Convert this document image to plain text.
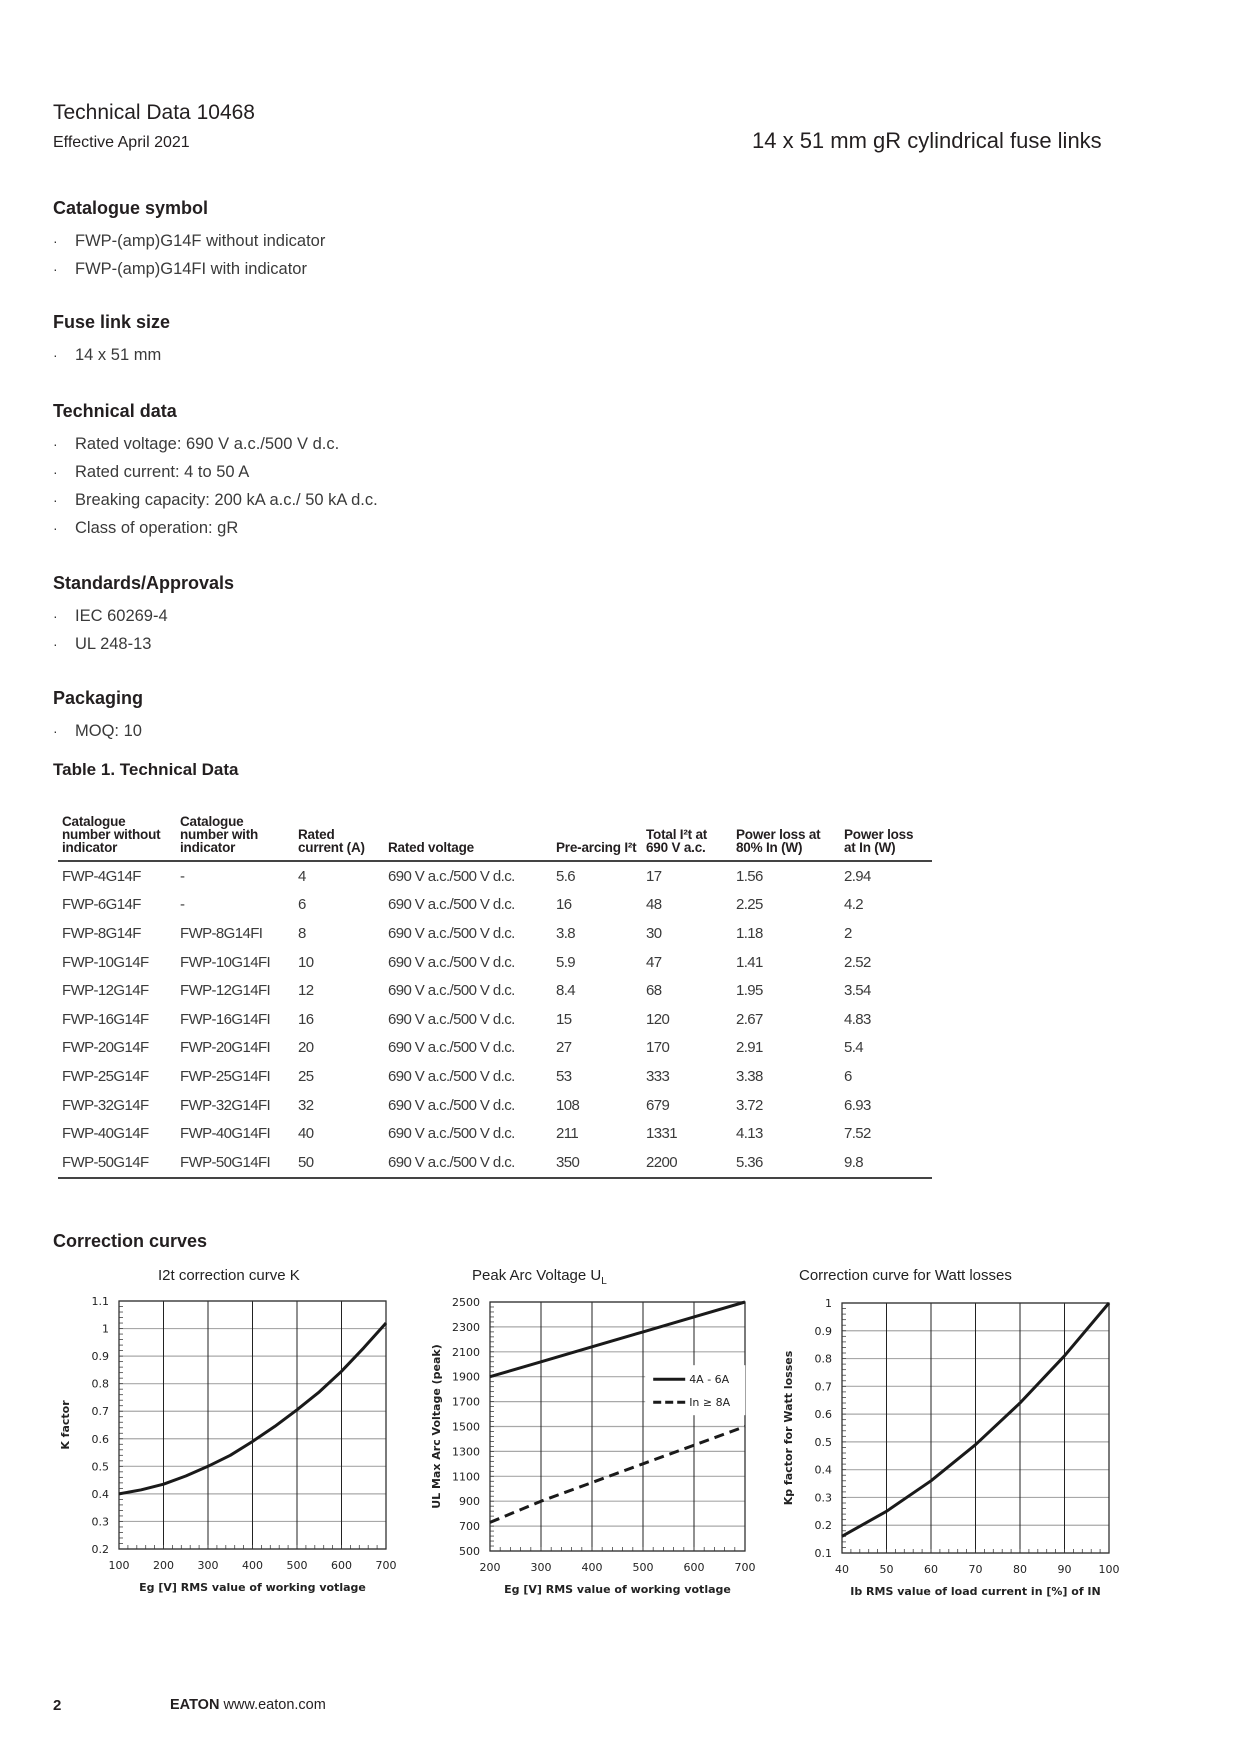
Technical Data 10468
Effective April 2021	14 x 51 mm gR cylindrical fuse links
Catalogue symbol
· FWP-(amp)G14F without indicator
· FWP-(amp)G14FI with indicator
Fuse link size
· 14 x 51 mm
Technical data
· Rated voltage: 690 V a.c./500 V d.c.
· Rated current: 4 to 50 A
· Breaking capacity: 200 kA a.c./ 50 kA d.c.
· Class of operation: gR
Standards/Approvals
· IEC 60269-4
· UL 248-13
Packaging
· MOQ: 10
Table 1. Technical Data
Catalogue number without indicator	Catalogue number with indicator	Rated current (A)	Rated voltage	Pre-arcing I²t	Total I²t at 690 V a.c.	Power loss at 80% In (W)	Power loss at In (W)
FWP-4G14F	-	4	690 V a.c./500 V d.c.	5.6	17	1.56	2.94
FWP-6G14F	-	6	690 V a.c./500 V d.c.	16	48	2.25	4.2
FWP-8G14F	FWP-8G14FI	8	690 V a.c./500 V d.c.	3.8	30	1.18	2
FWP-10G14F	FWP-10G14FI	10	690 V a.c./500 V d.c.	5.9	47	1.41	2.52
FWP-12G14F	FWP-12G14FI	12	690 V a.c./500 V d.c.	8.4	68	1.95	3.54
FWP-16G14F	FWP-16G14FI	16	690 V a.c./500 V d.c.	15	120	2.67	4.83
FWP-20G14F	FWP-20G14FI	20	690 V a.c./500 V d.c.	27	170	2.91	5.4
FWP-25G14F	FWP-25G14FI	25	690 V a.c./500 V d.c.	53	333	3.38	6
FWP-32G14F	FWP-32G14FI	32	690 V a.c./500 V d.c.	108	679	3.72	6.93
FWP-40G14F	FWP-40G14FI	40	690 V a.c./500 V d.c.	211	1331	4.13	7.52
FWP-50G14F	FWP-50G14FI	50	690 V a.c./500 V d.c.	350	2200	5.36	9.8
Correction curves
I2t correction curve K	Peak Arc Voltage $U_L$	Correction curve for Watt losses
0.2
0.3
0.4
0.5
0.6
0.7
0.8
0.9
1
1.1
100 200 300 400 500 600 700
Eg [V] RMS value of working votlage
K factor
500
700
900
1100
1300
1500
1700
1900
2100
2300
2500
200	300	400	500	600	700
Eg [V] RMS value of working votlage
UL Max Arc Voltage (peak)	4A - 6A
In ≥ 8A
0.1
0.2
0.3
0.4
0.5
0.6
0.7
0.8
0.9
1
40	50	60	70	80	90 100
Ib RMS value of load current in [%] of IN
Kp factor for Watt losses
2	EATON www.eaton.com
